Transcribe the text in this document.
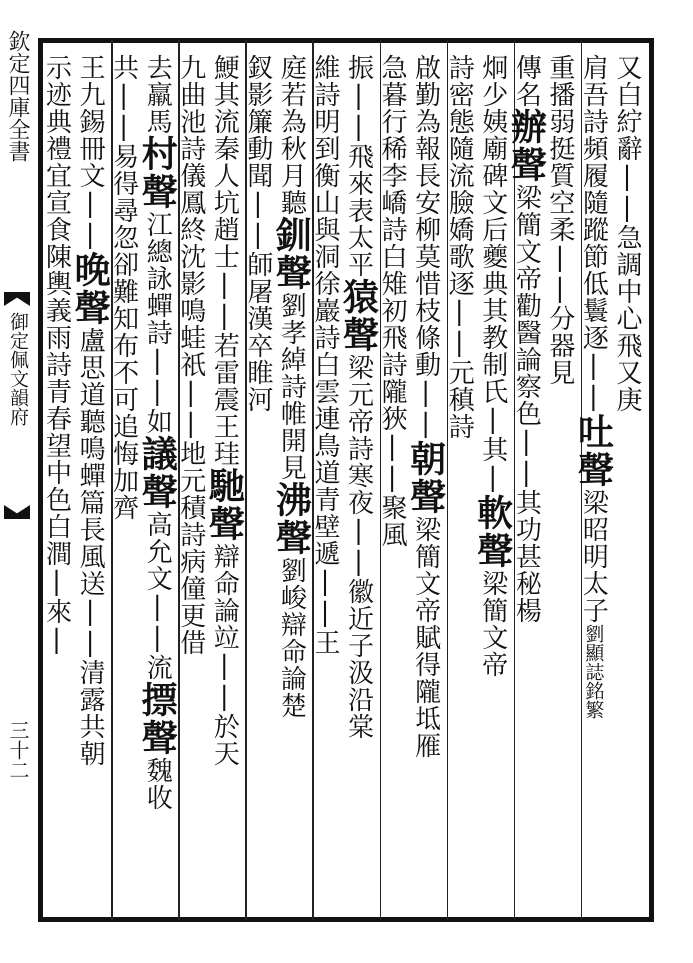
欽定四庫全書
御定佩文韻府
三十二
又白紵辭||急調中心飛又庚
肩吾詩頻履隨蹤節低鬟逐||吐聲梁昭明太子劉顯誌銘繁
重播弱挺質空柔||分器見
傳名辦聲梁簡文帝勸醫論察色||其功甚秘楊
炯少姨廟碑文后夔典其教制氏|其|軟聲梁簡文帝
詩密態隨流臉嬌歌逐||元稹詩
啟勤為報長安柳莫惜枝條動||朝聲梁簡文帝賦得隴坻雁
急暮行稀李嶠詩白雉初飛詩隴狹||聚風
振||飛來表太平猿聲梁元帝詩寒夜||徽近子汲沿棠
維詩明到衡山與洞徐巖詩白雲連鳥道青壁遞||王
庭若為秋月聽釧聲劉孝綽詩帷開見沸聲劉峻辯命論楚
釵影簾動聞||師屠漢卒睢河
鯁其流秦人坑趙士||若雷震王珪馳聲辯命論竝||於天
九曲池詩儀鳳終沈影鳴蛙祇||地元積詩病僮更借
去羸馬村聲江總詠蟬詩||如議聲高允文||流摽聲魏收
共||易得尋忽卻難知布不可追悔加齊
王九錫冊文||晚聲盧思道聽鳴蟬篇長風送||清露共朝
示迹典禮宜宣食陳輿義雨詩青春望中色白澗|來|
